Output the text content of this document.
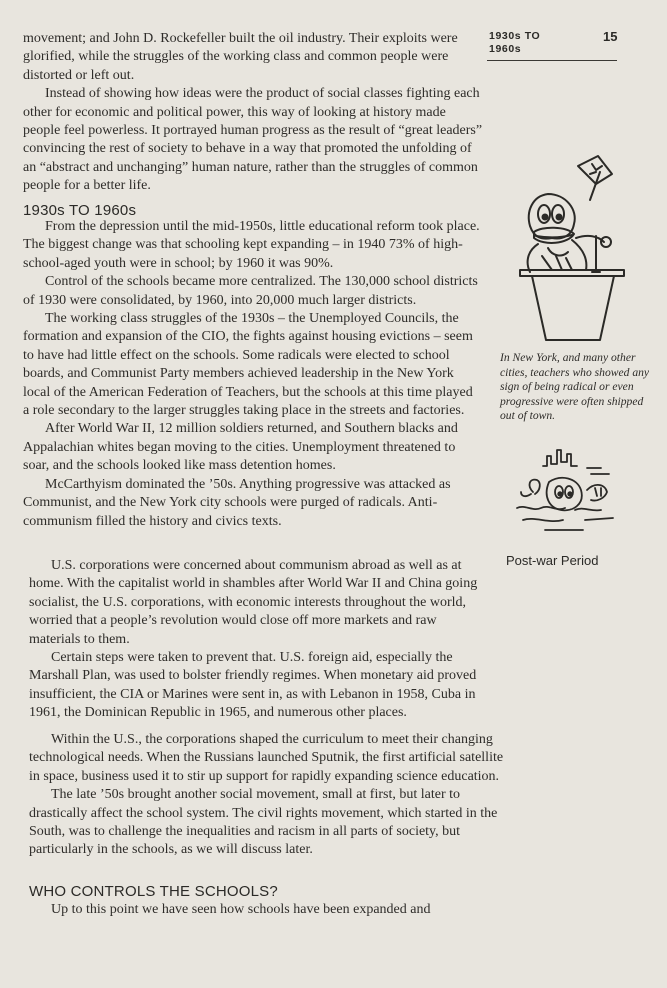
1930s TO
1960s
15
movement; and John D. Rockefeller built the oil industry. Their exploits were
glorified, while the struggles of the working class and common people were
distorted or left out.

Instead of showing how ideas were the product of social classes fighting each other for economic and political power, this way of looking at history made people feel powerless. It portrayed human progress as the result of “great leaders” convincing the rest of society to behave in a way that promoted the unfolding of an “abstract and unchanging” human nature, rather than the struggles of common people for a better life.

1930s TO 1960s

From the depression until the mid-1950s, little educational reform took place. The biggest change was that schooling kept expanding – in 1940 73% of high-school-aged youth were in school; by 1960 it was 90%.

Control of the schools became more centralized. The 130,000 school districts of 1930 were consolidated, by 1960, into 20,000 much larger districts.

The working class struggles of the 1930s – the Unemployed Councils, the formation and expansion of the CIO, the fights against housing evictions – seem to have had little effect on the schools. Some radicals were elected to school boards, and Communist Party members achieved leadership in the New York local of the American Federation of Teachers, but the schools at this time played a role secondary to the larger struggles taking place in the streets and factories.

After World War II, 12 million soldiers returned, and Southern blacks and Appalachian whites began moving to the cities. Unemployment threatened to soar, and the schools looked like mass detention homes.

McCarthyism dominated the ’50s. Anything progressive was attacked as Communist, and the New York city schools were purged of radicals. Anti-communism filled the history and civics texts.

In New York, and many other cities, teachers who showed any sign of being radical or even progressive were often shipped out of town.
Post-war Period

U.S. corporations were concerned about communism abroad as well as at home. With the capitalist world in shambles after World War II and China going socialist, the U.S. corporations, with economic interests throughout the world, worried that a people’s revolution would close off more markets and raw materials to them.

Certain steps were taken to prevent that. U.S. foreign aid, especially the Marshall Plan, was used to bolster friendly regimes. When monetary aid proved insufficient, the CIA or Marines were sent in, as with Lebanon in 1958, Cuba in 1961, the Dominican Republic in 1965, and numerous other places.

Within the U.S., the corporations shaped the curriculum to meet their changing technological needs. When the Russians launched Sputnik, the first artificial satellite in space, business used it to stir up support for rapidly expanding science education.

The late ’50s brought another social movement, small at first, but later to drastically affect the school system. The civil rights movement, which started in the South, was to challenge the inequalities and racism in all parts of society, but particularly in the schools, as we will discuss later.

WHO CONTROLS THE SCHOOLS?

Up to this point we have seen how schools have been expanded and
